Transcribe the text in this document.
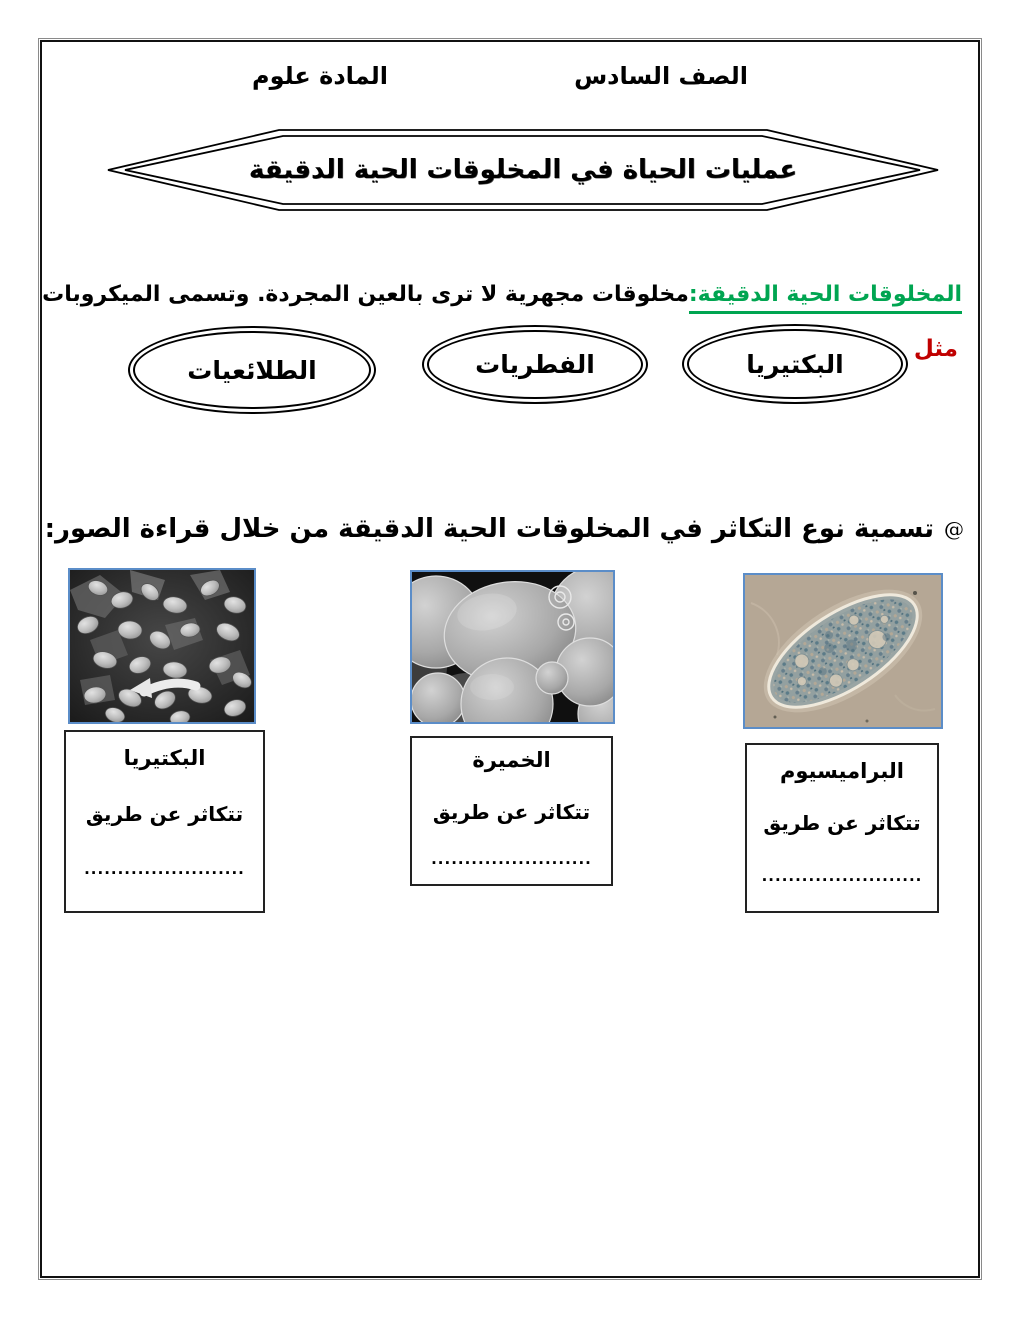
الصف السادس
المادة علوم
عمليات الحياة في المخلوقات الحية الدقيقة
المخلوقات الحية الدقيقة:مخلوقات مجهرية لا ترى بالعين المجردة. وتسمى الميكروبات
مثل
البكتيريا
الفطريات
الطلائعيات
@
تسمية نوع التكاثر في المخلوقات الحية الدقيقة من خلال قراءة الصور:
البكتيريا
تتكاثر عن طريق
........................
الخميرة
تتكاثر عن طريق
........................
البراميسيوم
تتكاثر عن طريق
........................
